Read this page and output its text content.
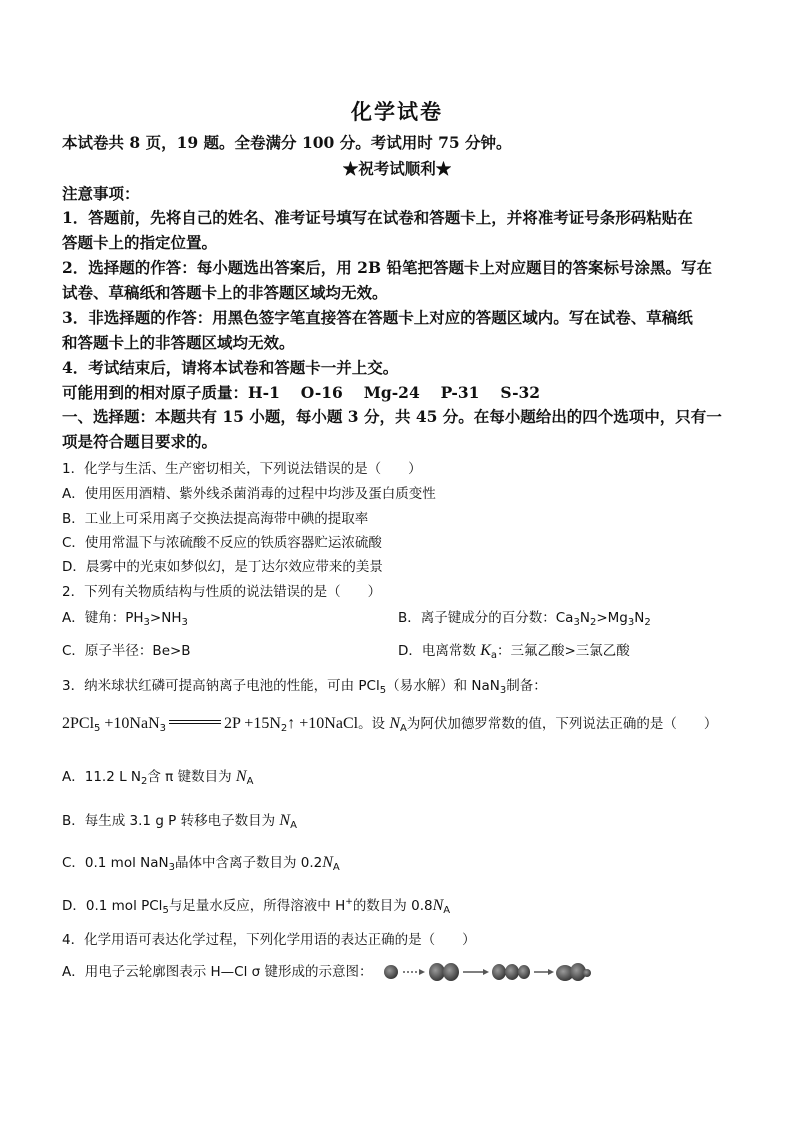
化学试卷
本试卷共 8 页，19 题。全卷满分 100 分。考试用时 75 分钟。
★祝考试顺利★
注意事项：
1．答题前，先将自己的姓名、准考证号填写在试卷和答题卡上，并将准考证号条形码粘贴在
答题卡上的指定位置。
2．选择题的作答：每小题选出答案后，用 2B 铅笔把答题卡上对应题目的答案标号涂黑。写在
试卷、草稿纸和答题卡上的非答题区域均无效。
3．非选择题的作答：用黑色签字笔直接答在答题卡上对应的答题区域内。写在试卷、草稿纸
和答题卡上的非答题区域均无效。
4．考试结束后，请将本试卷和答题卡一并上交。
可能用到的相对原子质量：H-1　 O-16　 Mg-24　 P-31　 S-32
一、选择题：本题共有 15 小题，每小题 3 分，共 45 分。在每小题给出的四个选项中，只有一
项是符合题目要求的。
1．化学与生活、生产密切相关，下列说法错误的是（　　）
A．使用医用酒精、紫外线杀菌消毒的过程中均涉及蛋白质变性
B．工业上可采用离子交换法提高海带中碘的提取率
C．使用常温下与浓硫酸不反应的铁质容器贮运浓硫酸
D．晨雾中的光束如梦似幻，是丁达尔效应带来的美景
2．下列有关物质结构与性质的说法错误的是（　　）
A．键角：$PH_3>NH_3$	B．离子键成分的百分数：$Ca_3N_2>Mg_3N_2$
C．原子半径：Be>B	D．电离常数 $K_a$：三氟乙酸>三氯乙酸
3．纳米球状红磷可提高钠离子电池的性能，可由 PCl$_5$（易水解）和 NaN$_3$制备：
2PCl$_5$ +10NaN$_3$	$2P +15N_2↑$ +10NaCl。设 $N_A$为阿伏加德罗常数的值，下列说法正确的是（　　）
A．11.2 L $N_2$含 π 键数目为 $N_A$
B．每生成 3.1 g P 转移电子数目为 $N_A$
C．0.1 mol NaN$_3$晶体中含离子数目为 $0.2N_A$
D．0.1 mol PCl$_5$与足量水反应，所得溶液中 H+的数目为 $0.8N_A$
4．化学用语可表达化学过程，下列化学用语的表达正确的是（　　）
A．用电子云轮廓图表示 H—Cl σ 键形成的示意图：
